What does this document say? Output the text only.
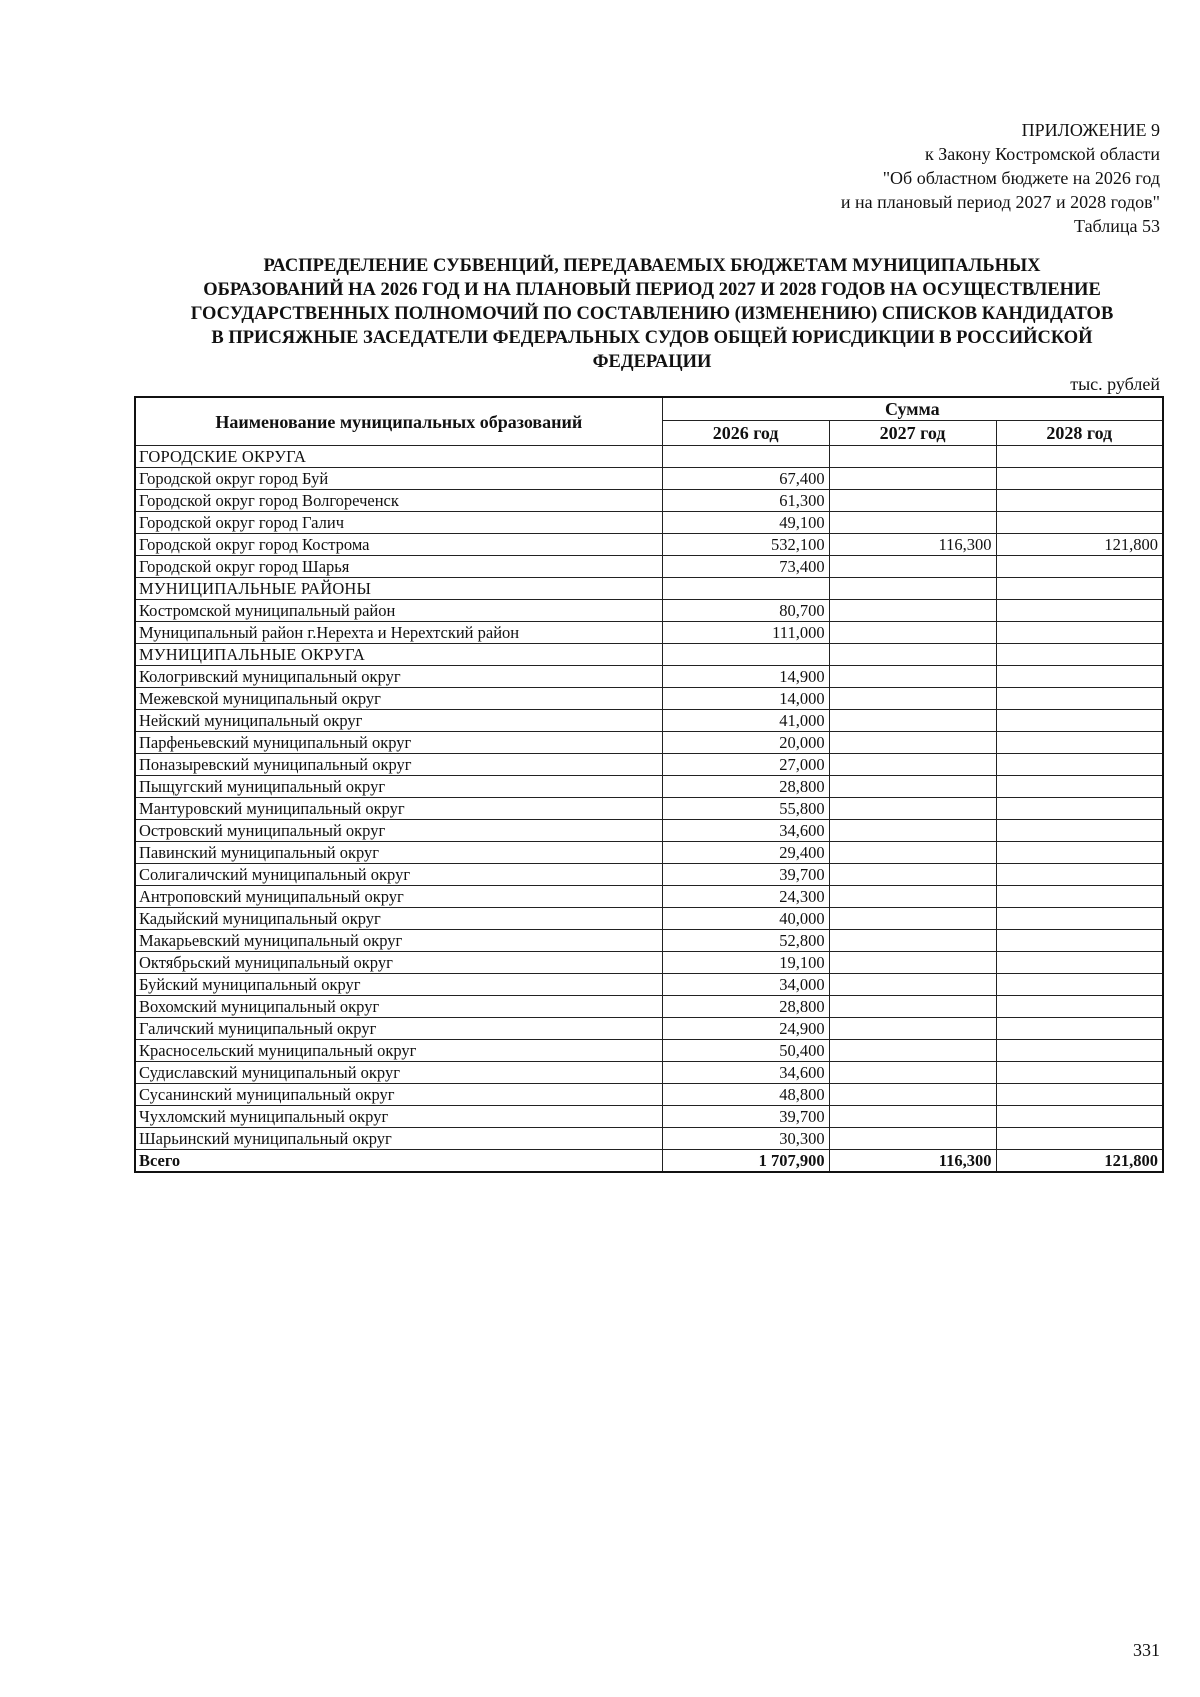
ПРИЛОЖЕНИЕ 9
к Закону Костромской области
"Об областном бюджете на 2026 год
и на плановый период 2027 и 2028 годов"
Таблица 53
РАСПРЕДЕЛЕНИЕ СУБВЕНЦИЙ, ПЕРЕДАВАЕМЫХ БЮДЖЕТАМ МУНИЦИПАЛЬНЫХ
ОБРАЗОВАНИЙ НА 2026 ГОД И НА ПЛАНОВЫЙ ПЕРИОД 2027 И 2028 ГОДОВ НА ОСУЩЕСТВЛЕНИЕ
ГОСУДАРСТВЕННЫХ ПОЛНОМОЧИЙ ПО СОСТАВЛЕНИЮ (ИЗМЕНЕНИЮ) СПИСКОВ КАНДИДАТОВ
В ПРИСЯЖНЫЕ ЗАСЕДАТЕЛИ ФЕДЕРАЛЬНЫХ СУДОВ ОБЩЕЙ ЮРИСДИКЦИИ В РОССИЙСКОЙ
ФЕДЕРАЦИИ
тыс. рублей
Наименование муниципальных образований	Сумма		
	2026 год	2027 год	2028 год
ГОРОДСКИЕ ОКРУГА			
Городской округ город Буй	67,400		
Городской округ город Волгореченск	61,300		
Городской округ город Галич	49,100		
Городской округ город Кострома	532,100	116,300	121,800
Городской округ город Шарья	73,400		
МУНИЦИПАЛЬНЫЕ РАЙОНЫ			
Костромской муниципальный район	80,700		
Муниципальный район г.Нерехта и Нерехтский район	111,000		
МУНИЦИПАЛЬНЫЕ ОКРУГА			
Кологривский муниципальный округ	14,900		
Межевской муниципальный округ	14,000		
Нейский муниципальный округ	41,000		
Парфеньевский муниципальный округ	20,000		
Поназыревский муниципальный округ	27,000		
Пыщугский муниципальный округ	28,800		
Мантуровский муниципальный округ	55,800		
Островский муниципальный округ	34,600		
Павинский муниципальный округ	29,400		
Солигаличский муниципальный округ	39,700		
Антроповский муниципальный округ	24,300		
Кадыйский муниципальный округ	40,000		
Макарьевский муниципальный округ	52,800		
Октябрьский муниципальный округ	19,100		
Буйский муниципальный округ	34,000		
Вохомский муниципальный округ	28,800		
Галичский муниципальный округ	24,900		
Красносельский муниципальный округ	50,400		
Судиславский муниципальный округ	34,600		
Сусанинский муниципальный округ	48,800		
Чухломский муниципальный округ	39,700		
Шарьинский муниципальный округ	30,300		
Всего	1 707,900	116,300	121,800
331
